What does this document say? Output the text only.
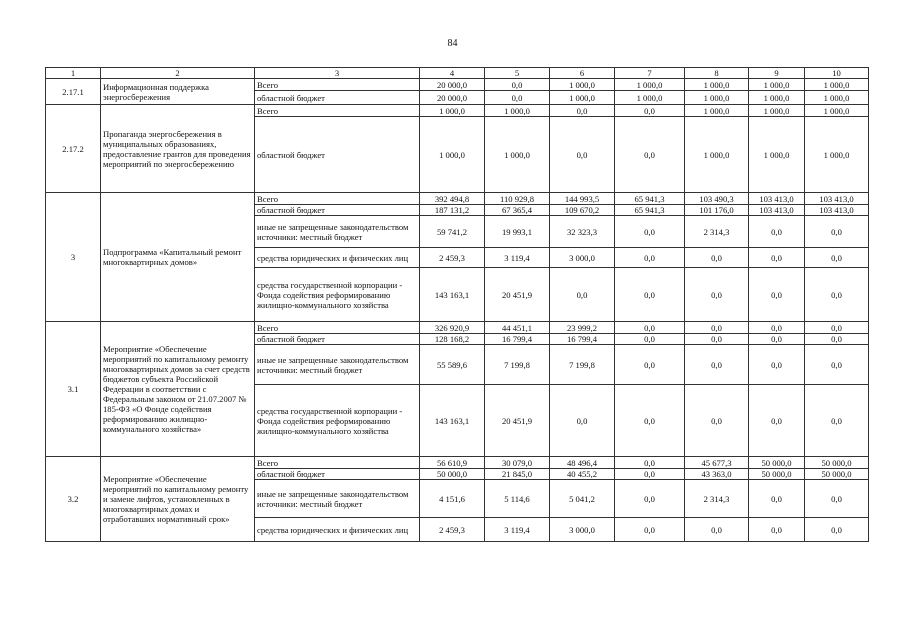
84
1	2	3	4	5	6	7	8	9	10
2.17.1	Информационная поддержка энергосбережения	Всего	20 000,0	0,0	1 000,0	1 000,0	1 000,0	1 000,0	1 000,0
		областной бюджет	20 000,0	0,0	1 000,0	1 000,0	1 000,0	1 000,0	1 000,0
2.17.2	Пропаганда энергосбережения в муниципальных образованиях, предоставление грантов для проведения мероприятий по энергосбережению	Всего	1 000,0	1 000,0	0,0	0,0	1 000,0	1 000,0	1 000,0
		областной бюджет	1 000,0	1 000,0	0,0	0,0	1 000,0	1 000,0	1 000,0
3	Подпрограмма «Капитальный ремонт многоквартирных домов»	Всего	392 494,8	110 929,8	144 993,5	65 941,3	103 490,3	103 413,0	103 413,0
		областной бюджет	187 131,2	67 365,4	109 670,2	65 941,3	101 176,0	103 413,0	103 413,0
		иные не запрещенные законодательством источники: местный бюджет	59 741,2	19 993,1	32 323,3	0,0	2 314,3	0,0	0,0
		средства юридических и физических лиц	2 459,3	3 119,4	3 000,0	0,0	0,0	0,0	0,0
		средства государственной корпорации - Фонда содействия реформированию жилищно-коммунального хозяйства	143 163,1	20 451,9	0,0	0,0	0,0	0,0	0,0
3.1	Мероприятие «Обеспечение мероприятий по капитальному ремонту многоквартирных домов за счет средств бюджетов субъекта Российской Федерации в соответствии с Федеральным законом от 21.07.2007 № 185-ФЗ «О Фонде содействия реформированию жилищно-коммунального хозяйства»	Всего	326 920,9	44 451,1	23 999,2	0,0	0,0	0,0	0,0
		областной бюджет	128 168,2	16 799,4	16 799,4	0,0	0,0	0,0	0,0
		иные не запрещенные законодательством источники: местный бюджет	55 589,6	7 199,8	7 199,8	0,0	0,0	0,0	0,0
		средства государственной корпорации - Фонда содействия реформированию жилищно-коммунального хозяйства	143 163,1	20 451,9	0,0	0,0	0,0	0,0	0,0
3.2	Мероприятие «Обеспечение мероприятий по капитальному ремонту и замене лифтов, установленных в многоквартирных домах и отработавших нормативный срок»	Всего	56 610,9	30 079,0	48 496,4	0,0	45 677,3	50 000,0	50 000,0
		областной бюджет	50 000,0	21 845,0	40 455,2	0,0	43 363,0	50 000,0	50 000,0
		иные не запрещенные законодательством источники: местный бюджет	4 151,6	5 114,6	5 041,2	0,0	2 314,3	0,0	0,0
		средства юридических и физических лиц	2 459,3	3 119,4	3 000,0	0,0	0,0	0,0	0,0
